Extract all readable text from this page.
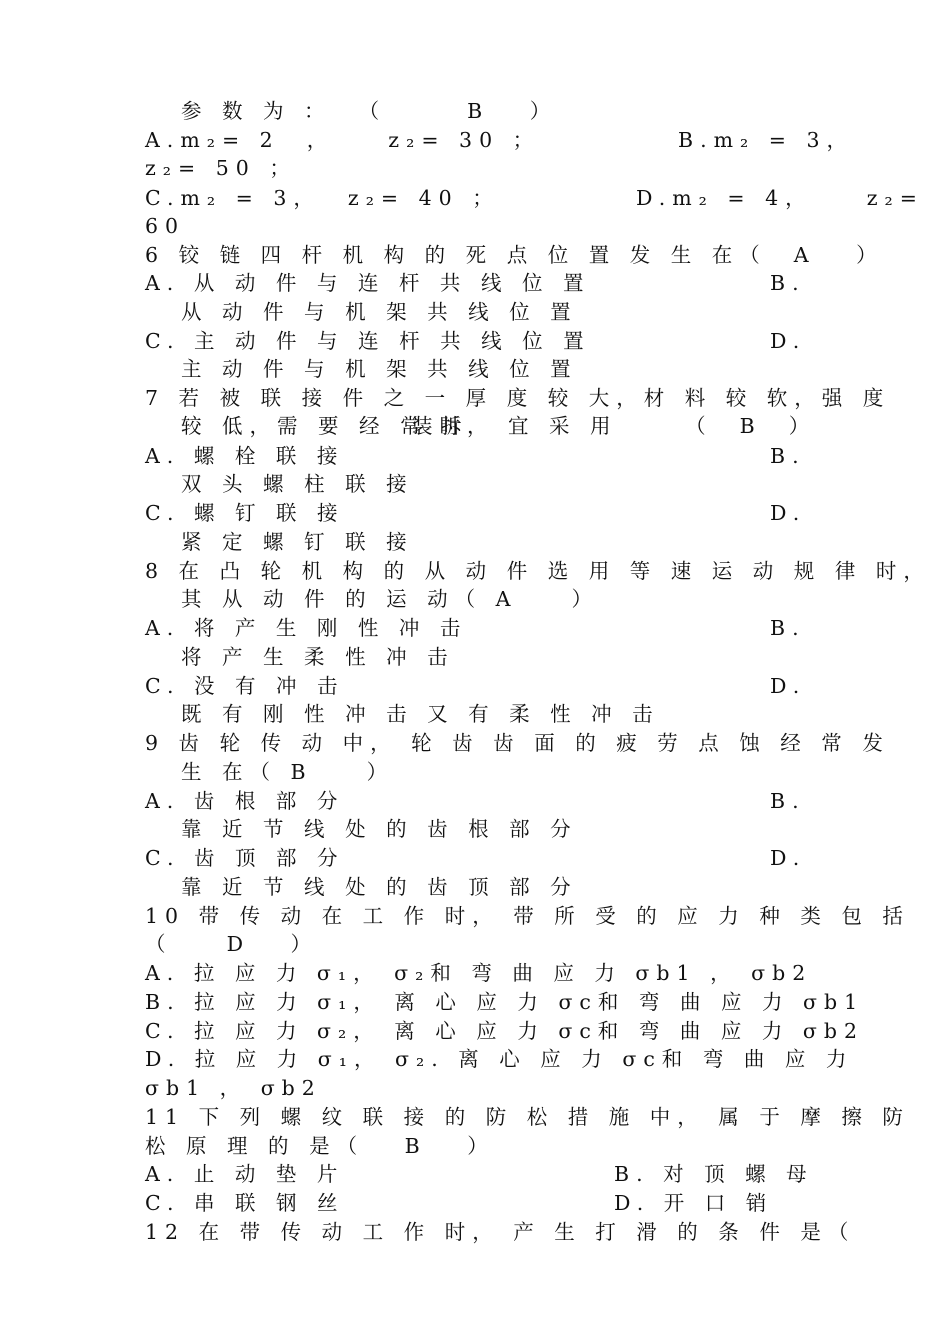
参 数 为 ：  （      B   ）
A.m₂= 2  ，    z₂= 30 ；	B.m₂ = 3，
z₂= 50 ；
C.m₂ = 3，  z₂= 40 ；	D.m₂ = 4，    z₂=
60
6 铰 链 四 杆 机 构 的 死 点 位 置 发 生 在（  A   ）
A. 从 动 件 与 连 杆 共 线 位 置	B.
从 动 件 与 机 架 共 线 位 置
C. 主 动 件 与 连 杆 共 线 位 置	D.
主 动 件 与 机 架 共 线 位 置
7 若 被 联 接 件 之 一 厚 度 较 大，材 料 较 软，强 度
较 低，需 要 经 常 拆
装时， 宜 采 用     （  B  ）
A. 螺 栓 联 接	B.
双 头 螺 柱 联 接
C. 螺 钉 联 接	D.
紧 定 螺 钉 联 接
8 在 凸 轮 机 构 的 从 动 件 选 用 等 速 运 动 规 律 时，
其 从 动 件 的 运 动（ A    ）
A. 将 产 生 刚 性 冲 击	B.
将 产 生 柔 性 冲 击
C. 没 有 冲 击	D.
既 有 刚 性 冲 击 又 有 柔 性 冲 击
9 齿 轮 传 动 中， 轮 齿 齿 面 的 疲 劳 点 蚀 经 常 发
生 在（ B    ）
A. 齿 根 部 分	B.
靠 近 节 线 处 的 齿 根 部 分
C. 齿 顶 部 分	D.
靠 近 节 线 处 的 齿 顶 部 分
10 带 传 动 在 工 作 时， 带 所 受 的 应 力 种 类 包 括
（    D   ）
A. 拉 应 力 σ₁， σ₂和 弯 曲 应 力 σb1 ， σb2
B. 拉 应 力 σ₁， 离 心 应 力 σc和 弯 曲 应 力 σb1
C. 拉 应 力 σ₂， 离 心 应 力 σc和 弯 曲 应 力 σb2
D. 拉 应 力 σ₁， σ₂. 离 心 应 力 σc和 弯 曲 应 力
σb1 ， σb2
11 下 列 螺 纹 联 接 的 防 松 措 施 中， 属 于 摩 擦 防
松 原 理 的 是（   B   ）
A. 止 动 垫 片	B. 对 顶 螺 母
C. 串 联 钢 丝	D. 开 口 销
12 在 带 传 动 工 作 时， 产 生 打 滑 的 条 件 是（
